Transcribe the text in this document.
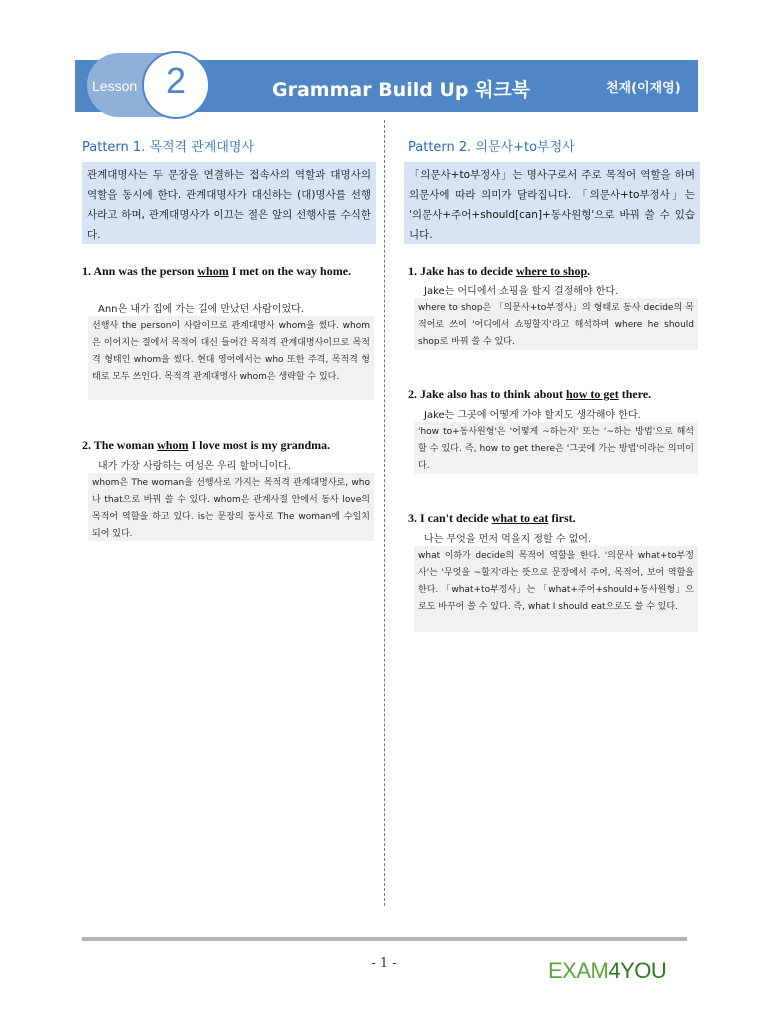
Lesson 2	Grammar Build Up 워크북	천재(이재영)
Pattern 1. 목적격 관계대명사
관계대명사는 두 문장을 연결하는 접속사의 역할과 대명사의 역할을 동시에 한다. 관계대명사가 대신하는 (대)명사를 선행사라고 하며, 관계대명사가 이끄는 절은 앞의 선행사를 수식한다.
1. Ann was the person whom I met on the way home.
Ann은 내가 집에 가는 길에 만났던 사람이었다.
선행사 the person이 사람이므로 관계대명사 whom을 썼다. whom은 이어지는 절에서 목적어 대신 들어간 목적격 관계대명사이므로 목적격 형태인 whom을 썼다. 현대 영어에서는 who 또한 주격, 목적격 형태로 모두 쓰인다. 목적격 관계대명사 whom은 생략할 수 있다.
2. The woman whom I love most is my grandma.
내가 가장 사랑하는 여성은 우리 할머니이다.
whom은 The woman을 선행사로 가지는 목적격 관계대명사로, who나 that으로 바꿔 쓸 수 있다. whom은 관계사절 안에서 동사 love의 목적어 역할을 하고 있다. is는 문장의 동사로 The woman에 수일치 되어 있다.
Pattern 2. 의문사+to부정사
「의문사+to부정사」는 명사구로서 주로 목적어 역할을 하며 의문사에 따라 의미가 달라집니다. 「의문사+to부정사」는 '의문사+주어+should[can]+동사원형'으로 바꿔 쓸 수 있습니다.
1. Jake has to decide where to shop.
Jake는 어디에서 쇼핑을 할지 결정해야 한다.
where to shop은 「의문사+to부정사」의 형태로 동사 decide의 목적어로 쓰여 '어디에서 쇼핑할지'라고 해석하며 where he should shop로 바꿔 쓸 수 있다.
2. Jake also has to think about how to get there.
Jake는 그곳에 어떻게 가야 할지도 생각해야 한다.
'how to+동사원형'은 '어떻게 ~하는지' 또는 '~하는 방법'으로 해석할 수 있다. 즉, how to get there은 '그곳에 가는 방법'이라는 의미이다.
3. I can't decide what to eat first.
나는 무엇을 먼저 먹을지 정할 수 없어.
what 이하가 decide의 목적어 역할을 한다. '의문사 what+to부정사'는 '무엇을 ~할지'라는 뜻으로 문장에서 주어, 목적어, 보어 역할을 한다. 「what+to부정사」는 「what+주어+should+동사원형」으로도 바꾸어 쓸 수 있다. 즉, what I should eat으로도 쓸 수 있다.
- 1 -	EXAM4YOU
